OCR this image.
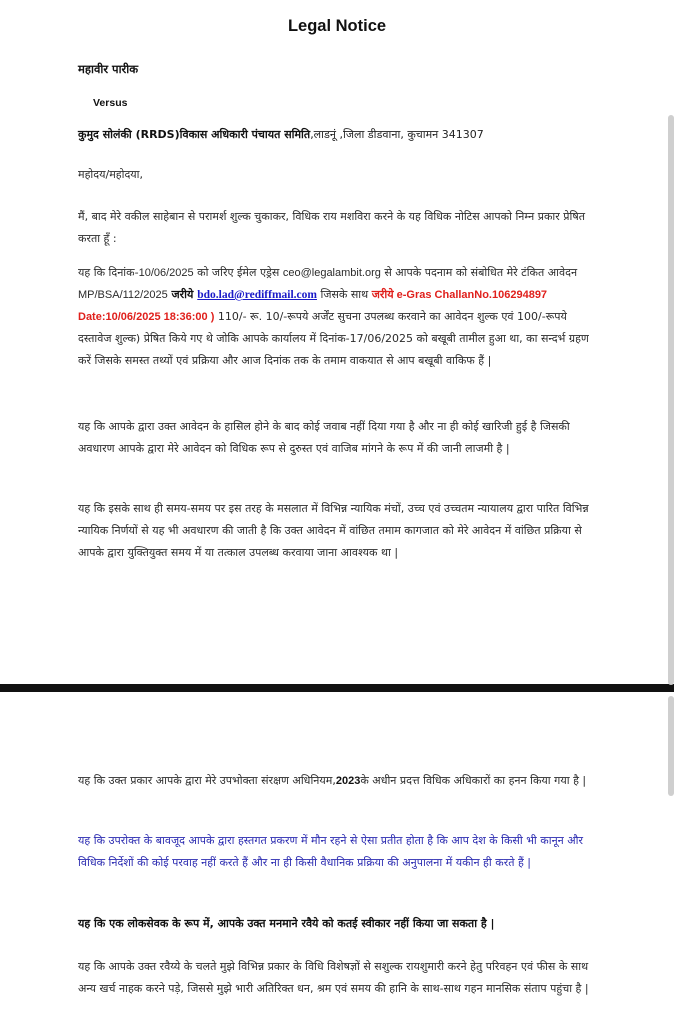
Legal Notice
महावीर पारीक
Versus
कुमुद सोलंकी (RRDS)विकास अधिकारी पंचायत समिति,लाडनूं ,जिला डीडवाना, कुचामन 341307

महोदय/महोदया,

मैं, बाद मेरे वकील साहेबान से परामर्श शुल्क चुकाकर, विधिक राय मशविरा करने के यह विधिक नोटिस आपको निम्न प्रकार प्रेषित करता हूँ :

यह कि दिनांक-10/06/2025 को जरिए ईमेल एड्रेस ceo@legalambit.org से आपके पदनाम को संबोधित मेरे टंकित आवेदन MP/BSA/112/2025 जरीये bdo.lad@rediffmail.com जिसके साथ जरीये e-Gras ChallanNo.106294897 Date:10/06/2025 18:36:00 ) 110/- रू. 10/-रूपये अर्जेंट सुचना उपलब्ध करवाने का आवेदन शुल्क एवं 100/-रूपये दस्तावेज शुल्क) प्रेषित किये गए थे जोकि आपके कार्यालय में दिनांक-17/06/2025 को बखूबी तामील हुआ था, का सन्दर्भ ग्रहण करें जिसके समस्त तथ्यों एवं प्रक्रिया और आज दिनांक तक के तमाम वाकयात से आप बखूबी वाकिफ हैं |

यह कि आपके द्वारा उक्त आवेदन के हासिल होने के बाद कोई जवाब नहीं दिया गया है और ना ही कोई खारिजी हुई है जिसकी अवधारण आपके द्वारा मेरे आवेदन को विधिक रूप से दुरुस्त एवं वाजिब मांगने के रूप में की जानी लाजमी है |

यह कि इसके साथ ही समय-समय पर इस तरह के मसलात में विभिन्न न्यायिक मंचों, उच्च एवं उच्चतम न्यायालय द्वारा पारित विभिन्न न्यायिक निर्णयों से यह भी अवधारण की जाती है कि उक्त आवेदन में वांछित तमाम कागजात को मेरे आवेदन में वांछित प्रक्रिया से आपके द्वारा युक्तियुक्त समय में या तत्काल उपलब्ध करवाया जाना आवश्यक था |

यह कि उक्त प्रकार आपके द्वारा मेरे उपभोक्ता संरक्षण अधिनियम,2023के अधीन प्रदत्त विधिक अधिकारों का हनन किया गया है |

यह कि उपरोक्त के बावजूद आपके द्वारा हस्तगत प्रकरण में मौन रहने से ऐसा प्रतीत होता है कि आप देश के किसी भी कानून और विधिक निर्देशों की कोई परवाह नहीं करते हैं और ना ही किसी वैधानिक प्रक्रिया की अनुपालना में यकीन ही करते हैं |

यह कि एक लोकसेवक के रूप में, आपके उक्त मनमाने रवैये को कतई स्वीकार नहीं किया जा सकता है |

यह कि आपके उक्त रवैय्ये के चलते मुझे विभिन्न प्रकार के विधि विशेषज्ञों से सशुल्क रायशुमारी करने हेतु परिवहन एवं फीस के साथ अन्य खर्च नाहक करने पड़े, जिससे मुझे भारी अतिरिक्त धन, श्रम एवं समय की हानि के साथ-साथ गहन मानसिक संताप पहुंचा है |
